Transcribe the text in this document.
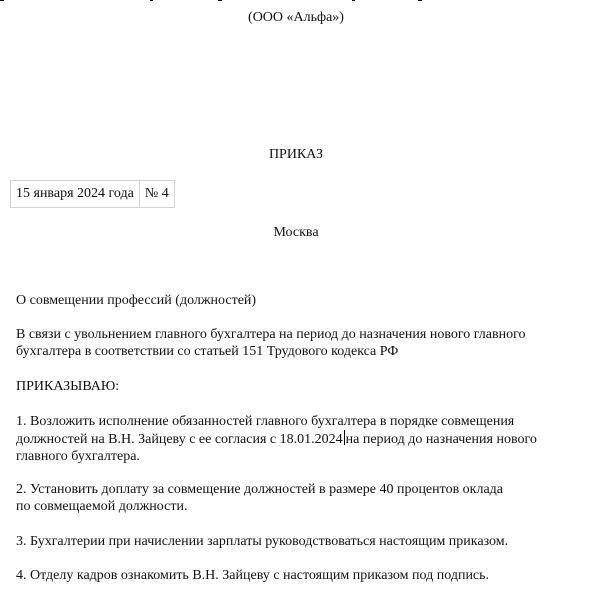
(ООО «Альфа»)
ПРИКАЗ
15 января 2024 года	№ 4
Москва
О совмещении профессий (должностей)
В связи с увольнением главного бухгалтера на период до назначения нового главного
бухгалтера в соответствии со статьей 151 Трудового кодекса РФ
ПРИКАЗЫВАЮ:
1. Возложить исполнение обязанностей главного бухгалтера в порядке совмещения
должностей на В.Н. Зайцеву с ее согласия с 18.01.2024 на период до назначения нового
главного бухгалтера.
2. Установить доплату за совмещение должностей в размере 40 процентов оклада
по совмещаемой должности.
3. Бухгалтерии при начислении зарплаты руководствоваться настоящим приказом.
4. Отделу кадров ознакомить В.Н. Зайцеву с настоящим приказом под подпись.
